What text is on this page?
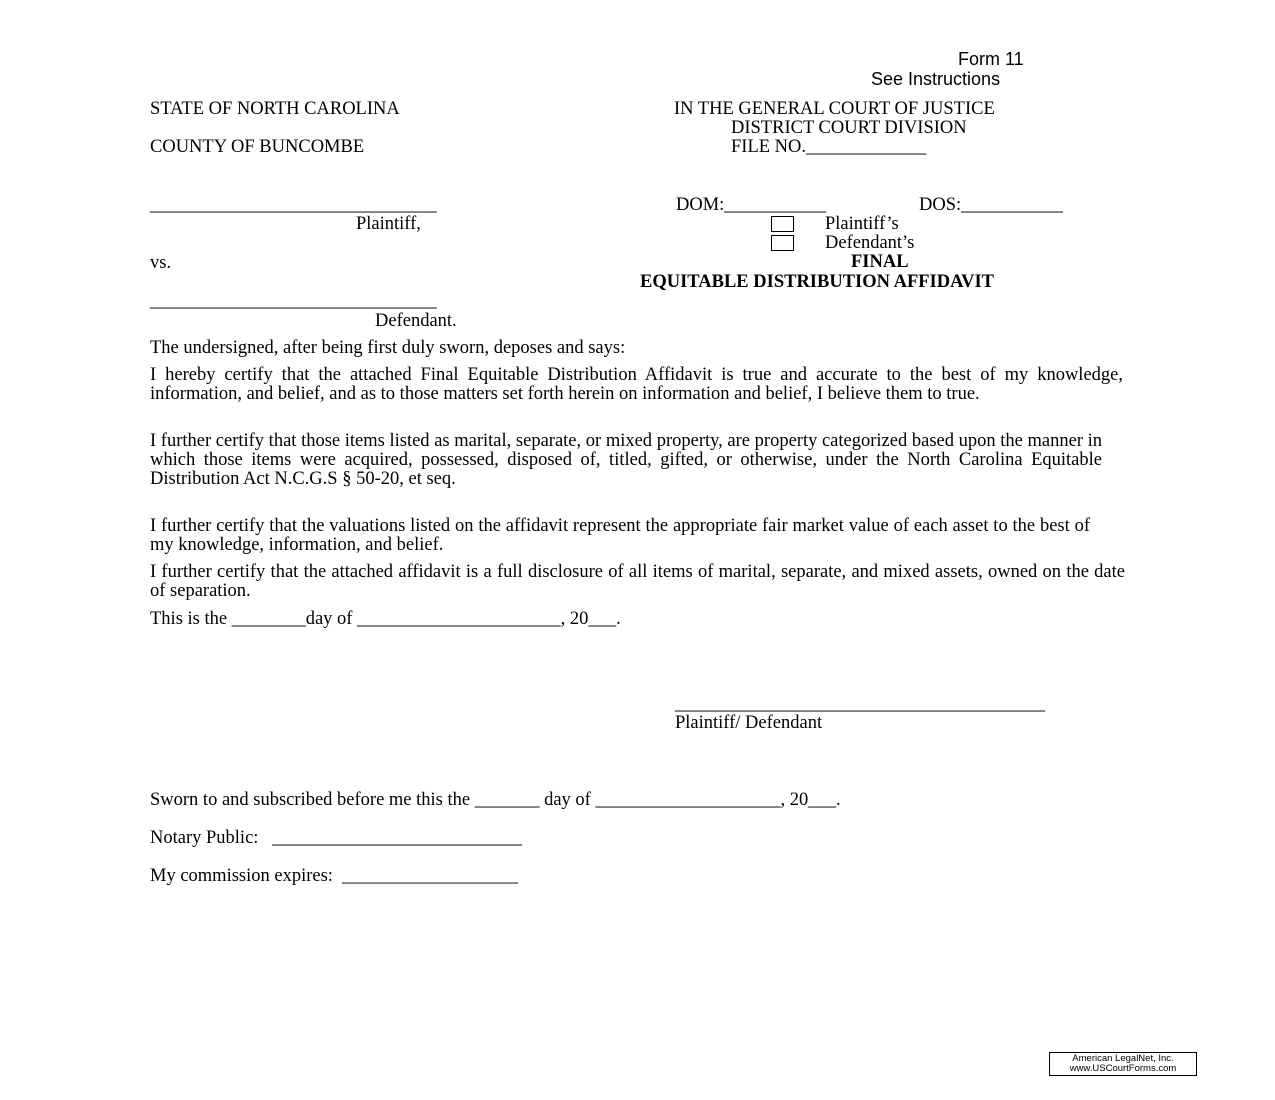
Form 11
See Instructions
STATE OF NORTH CAROLINA
COUNTY OF BUNCOMBE
IN THE GENERAL COURT OF JUSTICE
DISTRICT COURT DIVISION
FILE NO._____________
_______________________________
Plaintiff,
vs.
_______________________________
Defendant.
DOM:___________	DOS:___________
Plaintiff’s
Defendant’s
FINAL
EQUITABLE DISTRIBUTION AFFIDAVIT
The undersigned, after being first duly sworn, deposes and says:

I hereby certify that the attached Final Equitable Distribution Affidavit is true and accurate to the best of my knowledge, information, and belief, and as to those matters set forth herein on information and belief, I believe them to true.

I further certify that those items listed as marital, separate, or mixed property, are property categorized based upon the manner in which those items were acquired, possessed, disposed of, titled, gifted, or otherwise, under the North Carolina Equitable Distribution Act N.C.G.S § 50-20, et seq.

I further certify that the valuations listed on the affidavit represent the appropriate fair market value of each asset to the best of my knowledge, information, and belief.

I further certify that the attached affidavit is a full disclosure of all items of marital, separate, and mixed assets, owned on the date of separation.

This is the ________day of ______________________, 20___.
________________________________________
Plaintiff/ Defendant
Sworn to and subscribed before me this the _______ day of ____________________, 20___.
Notary Public:   ___________________________
My commission expires:  ___________________
American LegalNet, Inc.
www.USCourtForms.com
